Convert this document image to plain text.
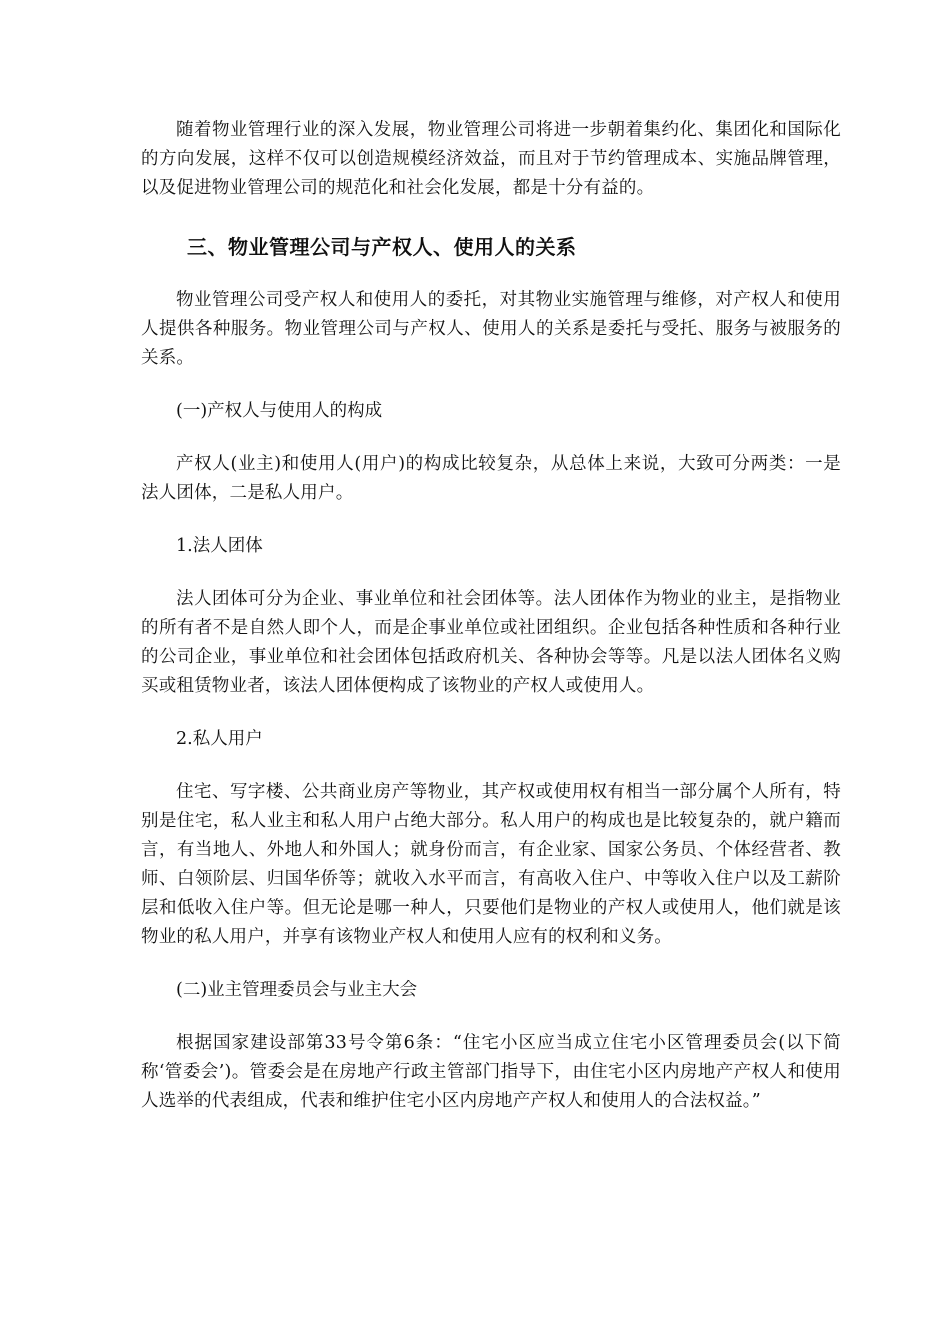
随着物业管理行业的深入发展，物业管理公司将进一步朝着集约化、集团化和国际化的方向发展，这样不仅可以创造规模经济效益，而且对于节约管理成本、实施品牌管理，以及促进物业管理公司的规范化和社会化发展，都是十分有益的。

三、物业管理公司与产权人、使用人的关系

物业管理公司受产权人和使用人的委托，对其物业实施管理与维修，对产权人和使用人提供各种服务。物业管理公司与产权人、使用人的关系是委托与受托、服务与被服务的关系。

(一)产权人与使用人的构成

产权人(业主)和使用人(用户)的构成比较复杂，从总体上来说，大致可分两类：一是法人团体，二是私人用户。

1.法人团体

法人团体可分为企业、事业单位和社会团体等。法人团体作为物业的业主，是指物业的所有者不是自然人即个人，而是企事业单位或社团组织。企业包括各种性质和各种行业的公司企业，事业单位和社会团体包括政府机关、各种协会等等。凡是以法人团体名义购买或租赁物业者，该法人团体便构成了该物业的产权人或使用人。

2.私人用户

住宅、写字楼、公共商业房产等物业，其产权或使用权有相当一部分属个人所有，特别是住宅，私人业主和私人用户占绝大部分。私人用户的构成也是比较复杂的，就户籍而言，有当地人、外地人和外国人；就身份而言，有企业家、国家公务员、个体经营者、教师、白领阶层、归国华侨等；就收入水平而言，有高收入住户、中等收入住户以及工薪阶层和低收入住户等。但无论是哪一种人，只要他们是物业的产权人或使用人，他们就是该物业的私人用户，并享有该物业产权人和使用人应有的权利和义务。

(二)业主管理委员会与业主大会

根据国家建设部第33号令第6条：“住宅小区应当成立住宅小区管理委员会(以下简称‘管委会’)。管委会是在房地产行政主管部门指导下，由住宅小区内房地产产权人和使用人选举的代表组成，代表和维护住宅小区内房地产产权人和使用人的合法权益。”
